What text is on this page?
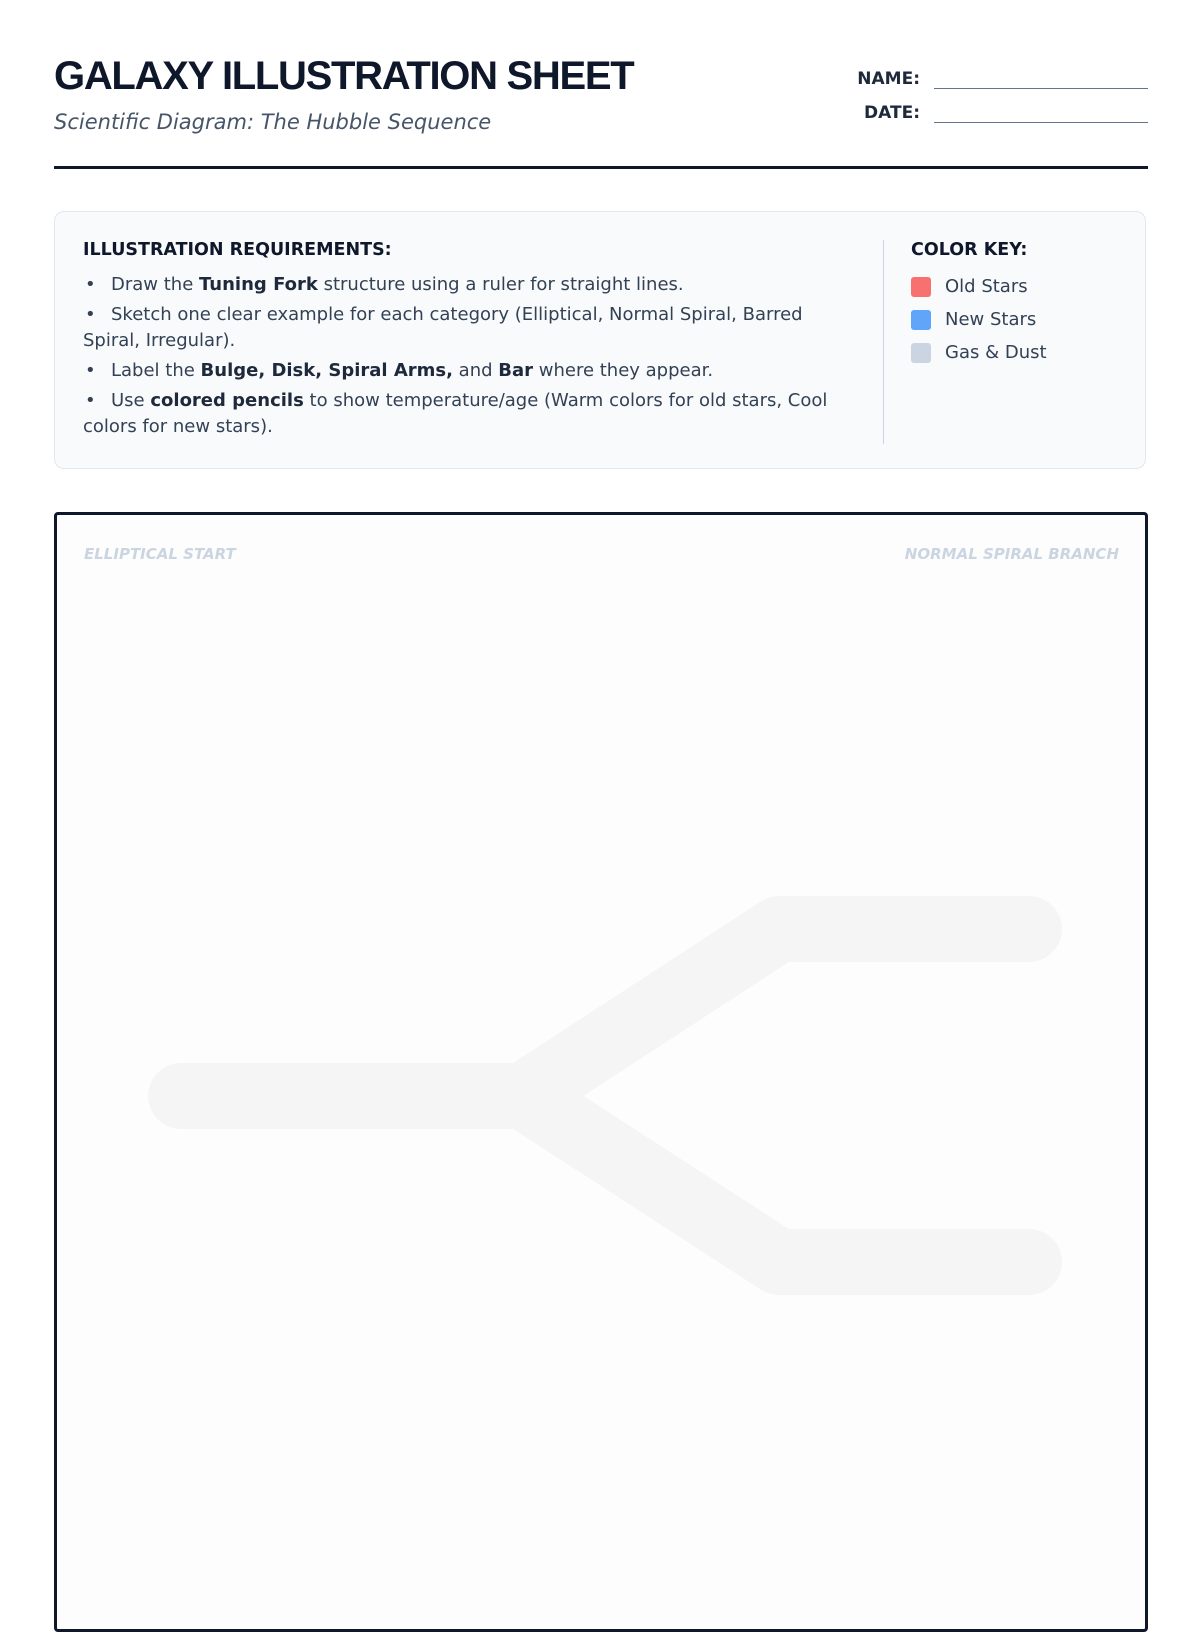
GALAXY ILLUSTRATION SHEET
Scientific Diagram: The Hubble Sequence
NAME:
DATE:
ILLUSTRATION REQUIREMENTS:
• Draw the Tuning Fork structure using a ruler for straight lines.
• Sketch one clear example for each category (Elliptical, Normal Spiral, Barred Spiral, Irregular).
• Label the Bulge, Disk, Spiral Arms, and Bar where they appear.
• Use colored pencils to show temperature/age (Warm colors for old stars, Cool colors for new stars).
COLOR KEY:
Old Stars
New Stars
Gas & Dust
ELLIPTICAL START	NORMAL SPIRAL BRANCH
